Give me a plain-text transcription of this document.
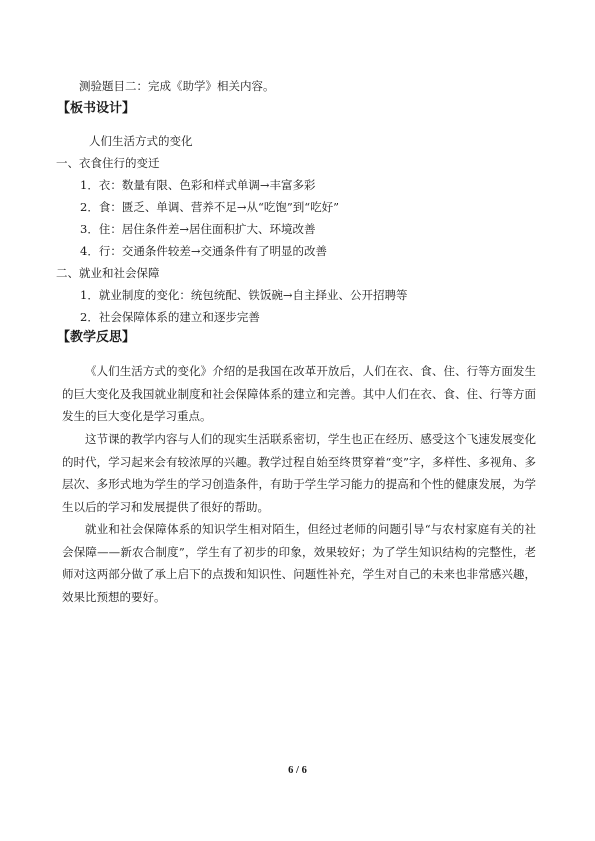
测验题目二：完成《助学》相关内容。
【板书设计】
人们生活方式的变化
一、衣食住行的变迁
1．衣：数量有限、色彩和样式单调→丰富多彩
2．食：匮乏、单调、营养不足→从“吃饱”到“吃好”
3．住：居住条件差→居住面积扩大、环境改善
4．行：交通条件较差→交通条件有了明显的改善
二、就业和社会保障
1．就业制度的变化：统包统配、铁饭碗→自主择业、公开招聘等
2．社会保障体系的建立和逐步完善
【教学反思】
《人们生活方式的变化》介绍的是我国在改革开放后，人们在衣、食、住、行等方面发生的巨大变化及我国就业制度和社会保障体系的建立和完善。其中人们在衣、食、住、行等方面发生的巨大变化是学习重点。
这节课的教学内容与人们的现实生活联系密切，学生也正在经历、感受这个飞速发展变化的时代，学习起来会有较浓厚的兴趣。教学过程自始至终贯穿着“变”字，多样性、多视角、多层次、多形式地为学生的学习创造条件，有助于学生学习能力的提高和个性的健康发展，为学生以后的学习和发展提供了很好的帮助。
就业和社会保障体系的知识学生相对陌生，但经过老师的问题引导“与农村家庭有关的社会保障——新农合制度”，学生有了初步的印象，效果较好；为了学生知识结构的完整性，老师对这两部分做了承上启下的点拨和知识性、问题性补充，学生对自己的未来也非常感兴趣，效果比预想的要好。
6 / 6
